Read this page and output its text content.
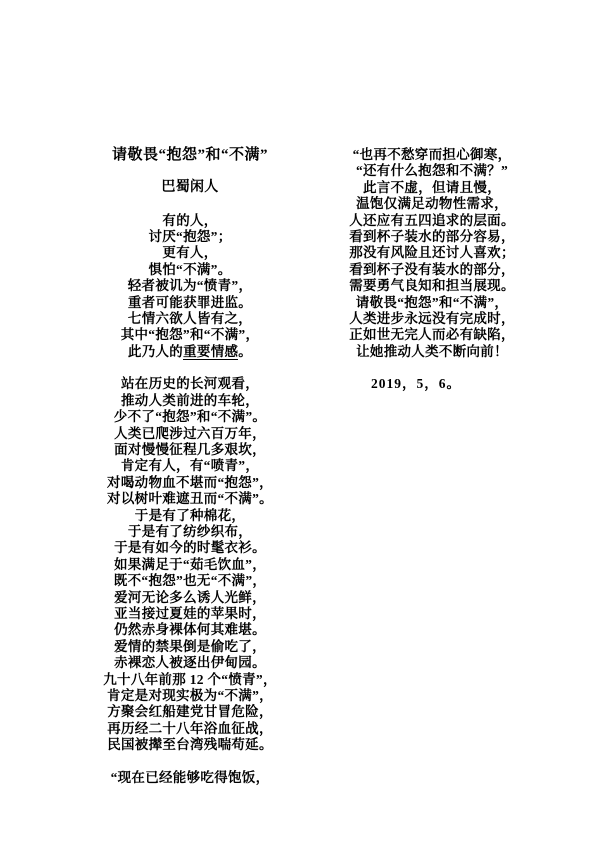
请敬畏“抱怨”和“不满”

巴蜀闲人

有的人，
讨厌“抱怨”；
更有人，
惧怕“不满”。
轻者被讥为“愤青”，
重者可能获罪进监。
七情六欲人皆有之，
其中“抱怨”和“不满”，
此乃人的重要情感。

站在历史的长河观看，
推动人类前进的车轮，
少不了“抱怨”和“不满”。
人类已爬涉过六百万年，
面对慢慢征程几多艰坎，
肯定有人，有“喷青”，
对喝动物血不堪而“抱怨”，
对以树叶难遮丑而“不满”。
于是有了种棉花，
于是有了纺纱织布，
于是有如今的时髦衣衫。
如果满足于“茹毛饮血”，
既不“抱怨”也无“不满”，
爱河无论多么诱人光鲜，
亚当接过夏娃的苹果时，
仍然赤身裸体何其难堪。
爱情的禁果倒是偷吃了，
赤裸恋人被逐出伊甸园。
九十八年前那 12 个“愤青”，
肯定是对现实极为“不满”，
方聚会红船建党甘冒危险，
再历经二十八年浴血征战，
民国被撵至台湾残喘苟延。

“现在已经能够吃得饱饭，
“也再不愁穿而担心御寒，
“还有什么抱怨和不满？”
此言不虚，但请且慢，
温饱仅满足动物性需求，
人还应有五四追求的层面。
看到杯子装水的部分容易，
那没有风险且还讨人喜欢；
看到杯子没有装水的部分，
需要勇气良知和担当展现。
请敬畏“抱怨”和“不满”，
人类进步永远没有完成时，
正如世无完人而必有缺陷，
让她推动人类不断向前！

2019，5，6。
